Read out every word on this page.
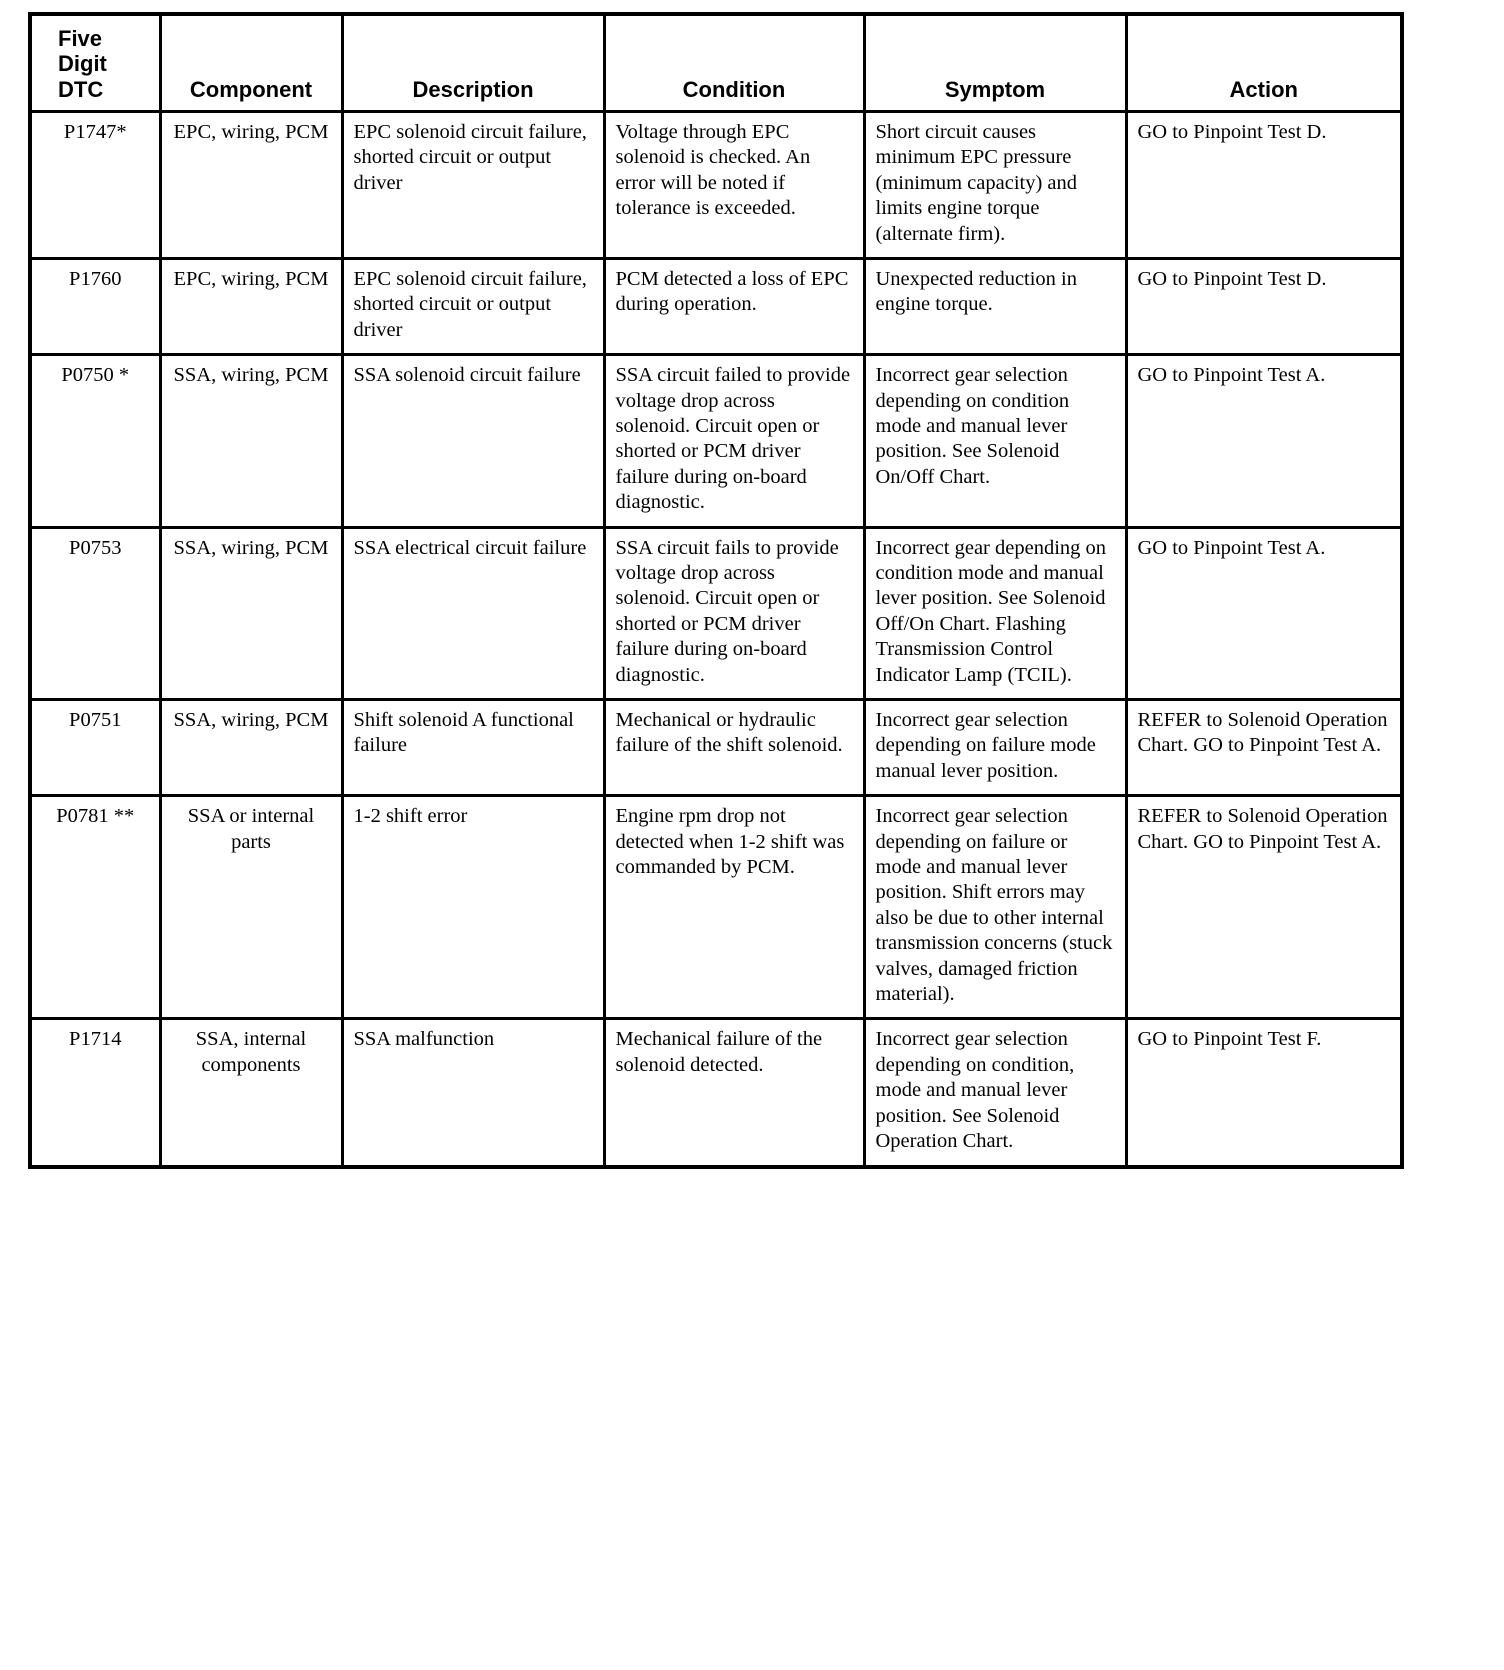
Five Digit DTC	Component	Description	Condition	Symptom	Action
P1747*	EPC, wiring, PCM	EPC solenoid circuit failure, shorted circuit or output driver	Voltage through EPC solenoid is checked. An error will be noted if tolerance is exceeded.	Short circuit causes minimum EPC pressure (minimum capacity) and limits engine torque (alternate firm).	GO to Pinpoint Test D.
P1760	EPC, wiring, PCM	EPC solenoid circuit failure, shorted circuit or output driver	PCM detected a loss of EPC during operation.	Unexpected reduction in engine torque.	GO to Pinpoint Test D.
P0750 *	SSA, wiring, PCM	SSA solenoid circuit failure	SSA circuit failed to provide voltage drop across solenoid. Circuit open or shorted or PCM driver failure during on-board diagnostic.	Incorrect gear selection depending on condition mode and manual lever position. See Solenoid On/Off Chart.	GO to Pinpoint Test A.
P0753	SSA, wiring, PCM	SSA electrical circuit failure	SSA circuit fails to provide voltage drop across solenoid. Circuit open or shorted or PCM driver failure during on-board diagnostic.	Incorrect gear depending on condition mode and manual lever position. See Solenoid Off/On Chart. Flashing Transmission Control Indicator Lamp (TCIL).	GO to Pinpoint Test A.
P0751	SSA, wiring, PCM	Shift solenoid A functional failure	Mechanical or hydraulic failure of the shift solenoid.	Incorrect gear selection depending on failure mode manual lever position.	REFER to Solenoid Operation Chart. GO to Pinpoint Test A.
P0781 **	SSA or internal parts	1-2 shift error	Engine rpm drop not detected when 1-2 shift was commanded by PCM.	Incorrect gear selection depending on failure or mode and manual lever position. Shift errors may also be due to other internal transmission concerns (stuck valves, damaged friction material).	REFER to Solenoid Operation Chart. GO to Pinpoint Test A.
P1714	SSA, internal components	SSA malfunction	Mechanical failure of the solenoid detected.	Incorrect gear selection depending on condition, mode and manual lever position. See Solenoid Operation Chart.	GO to Pinpoint Test F.
